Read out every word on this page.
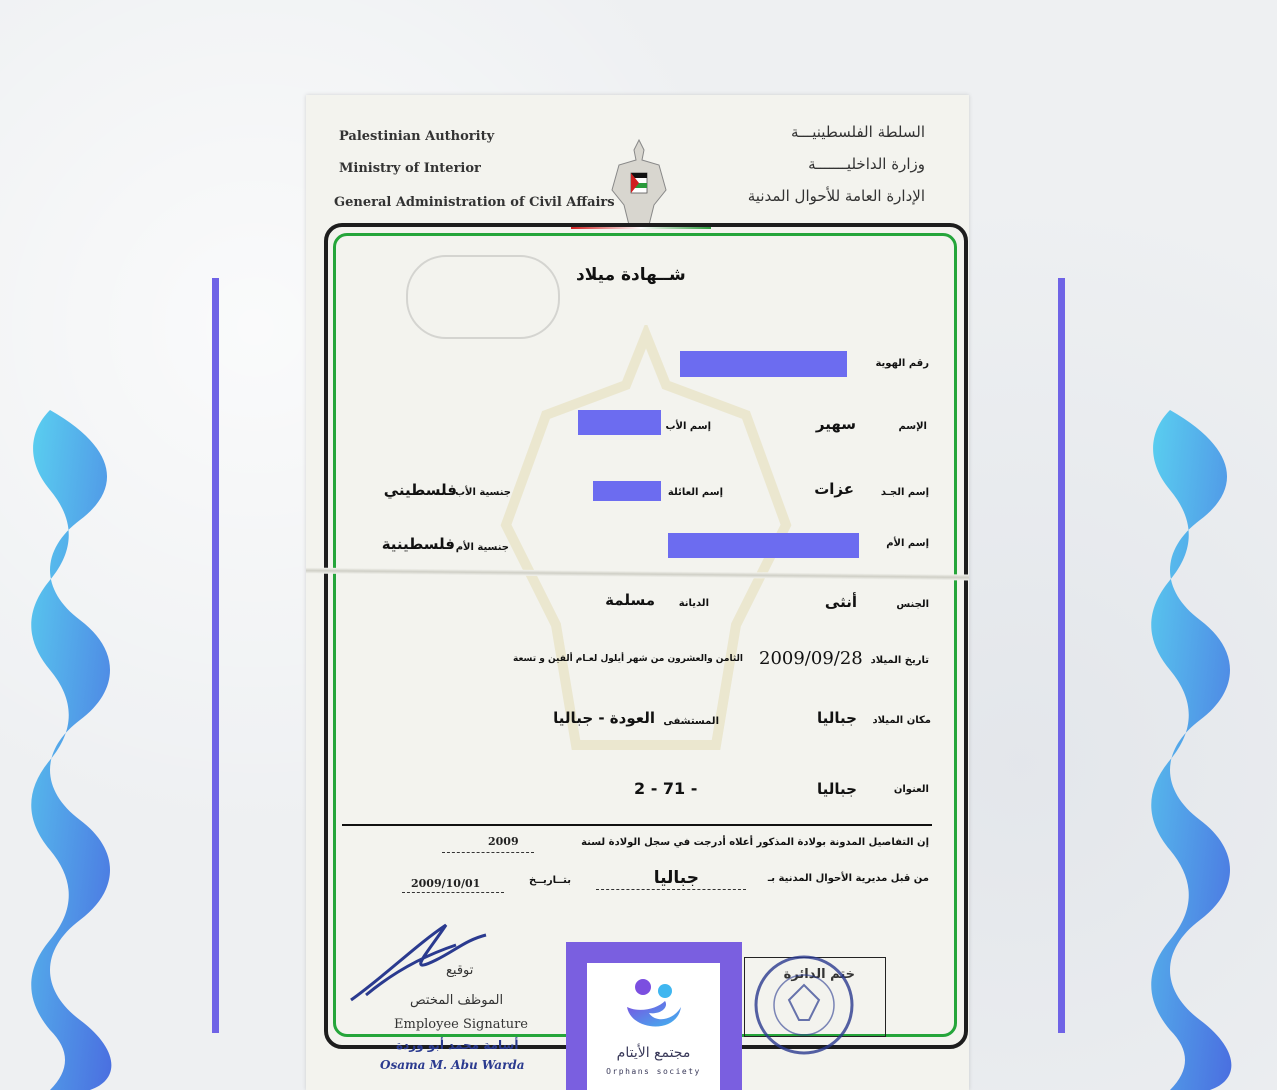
Palestinian Authority
Ministry of Interior
General Administration of Civil Affairs
السلطة الفلسطينيـــة
وزارة الداخليـــــــة
الإدارة العامة للأحوال المدنية
شــهادة ميلاد
رقم الهوية
الإسم
سهير
إسم الأب
إسم الجـد
عزات
إسم العائلة
جنسية الأب
فلسطيني
إسم الأم
جنسية الأم
فلسطينية
الجنس
أنثى
الديانة
مسلمة
تاريخ الميلاد
2009/09/28
الثامن والعشرون من شهر أيلول لعـام ألفين و تسعة
مكان الميلاد
جباليا
المستشفى
العودة - جباليا
العنوان
جباليا
2 - 71 -
إن التفاصيل المدونة بولادة المذكور أعلاه أدرجت في سجل الولادة لسنة
2009
من قبل مديرية الأحوال المدنية بـ
جباليا
بتــاريــخ
2009/10/01
توقيع
الموظف المختص
Employee Signature
أسامة محمد أبو وردة
Osama M. Abu Warda
ختم الدائرة
مجتمع الأيتام
Orphans society
